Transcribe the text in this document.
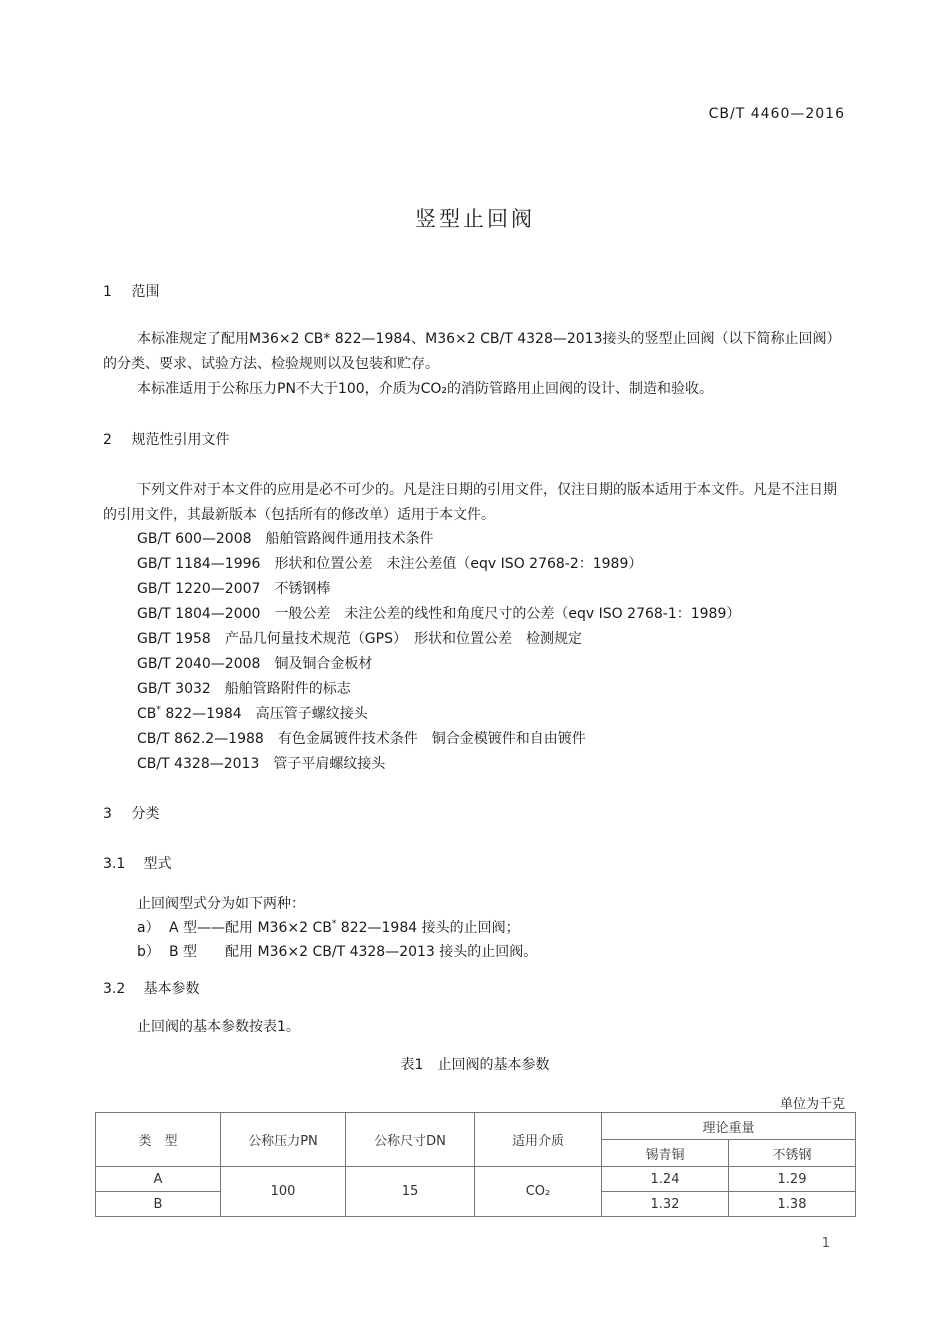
CB/T 4460—2016
竖型止回阀
1 范围
本标准规定了配用M36×2 CB* 822—1984、M36×2 CB/T 4328—2013接头的竖型止回阀（以下简称止回阀）的分类、要求、试验方法、检验规则以及包装和贮存。
本标准适用于公称压力PN不大于100，介质为CO₂的消防管路用止回阀的设计、制造和验收。
2 规范性引用文件
下列文件对于本文件的应用是必不可少的。凡是注日期的引用文件，仅注日期的版本适用于本文件。凡是不注日期的引用文件，其最新版本（包括所有的修改单）适用于本文件。
GB/T 600—2008 船舶管路阀件通用技术条件
GB/T 1184—1996 形状和位置公差　未注公差值（eqv ISO 2768-2：1989）
GB/T 1220—2007 不锈钢棒
GB/T 1804—2000 一般公差　未注公差的线性和角度尺寸的公差（eqv ISO 2768-1：1989）
GB/T 1958 产品几何量技术规范（GPS）　形状和位置公差　检测规定
GB/T 2040—2008 铜及铜合金板材
GB/T 3032 船舶管路附件的标志
CB* 822—1984 高压管子螺纹接头
CB/T 862.2—1988 有色金属镀件技术条件　铜合金模镀件和自由镀件
CB/T 4328—2013 管子平肩螺纹接头
3 分类
3.1 型式
止回阀型式分为如下两种：
a） A 型——配用 M36×2 CB* 822—1984 接头的止回阀；
b） B 型　　配用 M36×2 CB/T 4328—2013 接头的止回阀。
3.2 基本参数
止回阀的基本参数按表1。
表1　止回阀的基本参数
单位为千克
类　型	公称压力PN	公称尺寸DN	适用介质	理论重量	
				锡青铜	不锈钢
A	100	15	CO₂	1.24	1.29
B				1.32	1.38
1
